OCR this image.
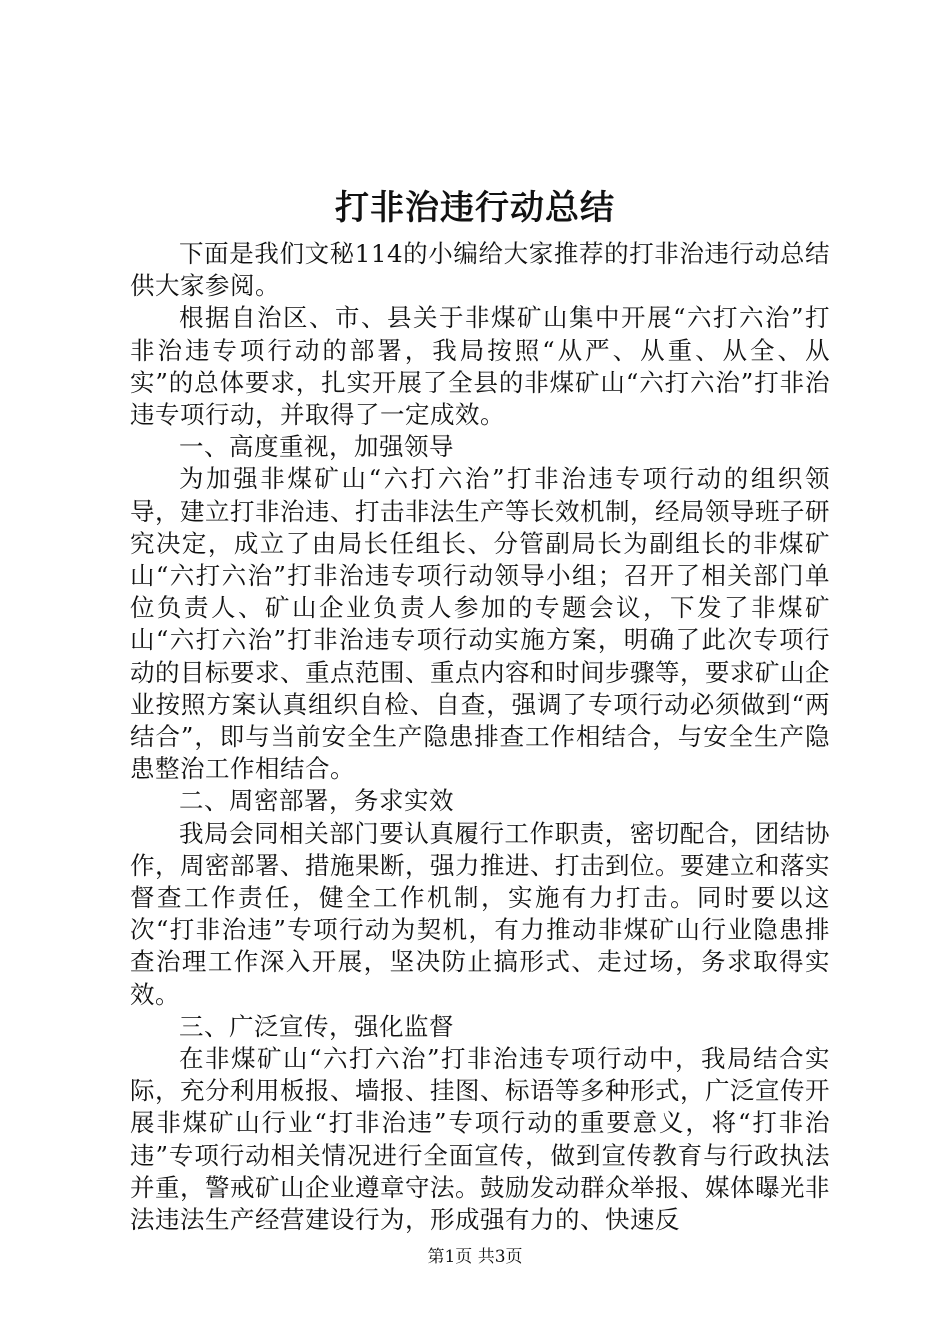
打非治违行动总结

下面是我们文秘114的小编给大家推荐的打非治违行动总结供大家参阅。

根据自治区、市、县关于非煤矿山集中开展“六打六治”打非治违专项行动的部署，我局按照“从严、从重、从全、从实”的总体要求，扎实开展了全县的非煤矿山“六打六治”打非治违专项行动，并取得了一定成效。

一、高度重视，加强领导

为加强非煤矿山“六打六治”打非治违专项行动的组织领导，建立打非治违、打击非法生产等长效机制，经局领导班子研究决定，成立了由局长任组长、分管副局长为副组长的非煤矿山“六打六治”打非治违专项行动领导小组；召开了相关部门单位负责人、矿山企业负责人参加的专题会议，下发了非煤矿山“六打六治”打非治违专项行动实施方案，明确了此次专项行动的目标要求、重点范围、重点内容和时间步骤等，要求矿山企业按照方案认真组织自检、自查，强调了专项行动必须做到“两结合”，即与当前安全生产隐患排查工作相结合，与安全生产隐患整治工作相结合。

二、周密部署，务求实效

我局会同相关部门要认真履行工作职责，密切配合，团结协作，周密部署、措施果断，强力推进、打击到位。要建立和落实督查工作责任，健全工作机制，实施有力打击。同时要以这次“打非治违”专项行动为契机，有力推动非煤矿山行业隐患排查治理工作深入开展，坚决防止搞形式、走过场，务求取得实效。

三、广泛宣传，强化监督

在非煤矿山“六打六治”打非治违专项行动中，我局结合实际，充分利用板报、墙报、挂图、标语等多种形式，广泛宣传开展非煤矿山行业“打非治违”专项行动的重要意义，将“打非治违”专项行动相关情况进行全面宣传，做到宣传教育与行政执法并重，警戒矿山企业遵章守法。鼓励发动群众举报、媒体曝光非法违法生产经营建设行为，形成强有力的、快速反

第1页 共3页
